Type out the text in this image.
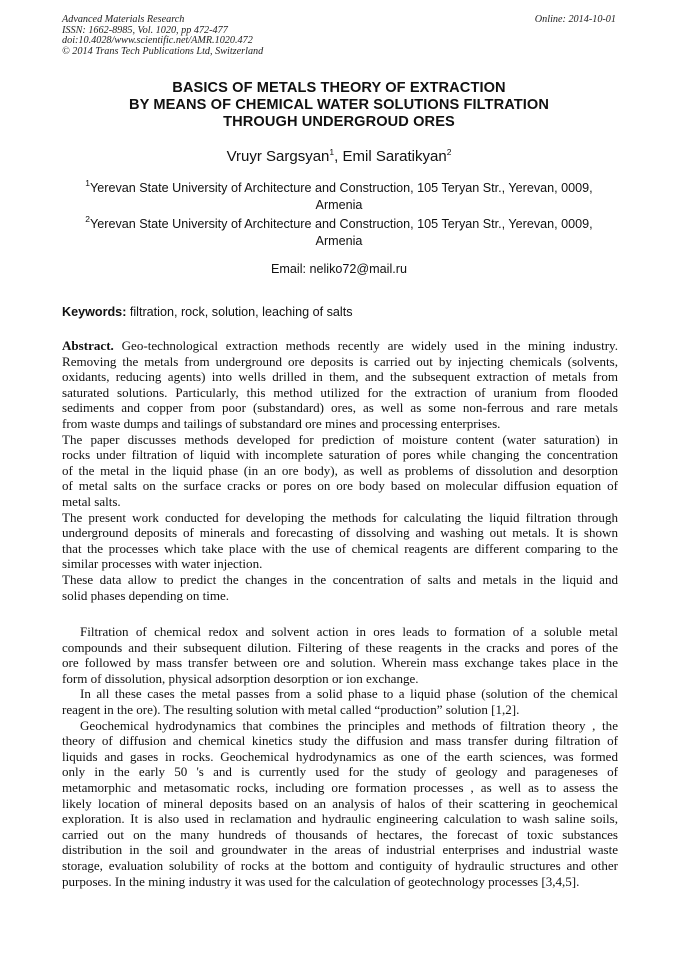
Advanced Materials Research
ISSN: 1662-8985, Vol. 1020, pp 472-477
doi:10.4028/www.scientific.net/AMR.1020.472
© 2014 Trans Tech Publications Ltd, Switzerland
Online: 2014-10-01
BASICS OF METALS THEORY OF EXTRACTION
BY MEANS OF CHEMICAL WATER SOLUTIONS FILTRATION
THROUGH UNDERGROUD ORES
Vruyr Sargsyan$^1$, Emil Saratikyan$^2$
$^1$Yerevan State University of Architecture and Construction, 105 Teryan Str., Yerevan, 0009,
Armenia
$^2$Yerevan State University of Architecture and Construction, 105 Teryan Str., Yerevan, 0009,
Armenia
Email: neliko72@mail.ru
Keywords: filtration, rock, solution, leaching of salts
Abstract. Geo-technological extraction methods recently are widely used in the mining industry.
Removing the metals from underground ore deposits is carried out by injecting chemicals (solvents,
oxidants, reducing agents) into wells drilled in them, and the subsequent extraction of metals from
saturated solutions. Particularly, this method utilized for the extraction of uranium from flooded
sediments and copper from poor (substandard) ores, as well as some non-ferrous and rare metals
from waste dumps and tailings of substandard ore mines and processing enterprises.
The paper discusses methods developed for prediction of moisture content (water saturation) in
rocks under filtration of liquid with incomplete saturation of pores while changing the concentration
of the metal in the liquid phase (in an ore body), as well as problems of dissolution and desorption
of metal salts on the surface cracks or pores on ore body based on molecular diffusion equation of
metal salts.
The present work conducted for developing the methods for calculating the liquid filtration through
underground deposits of minerals and forecasting of dissolving and washing out metals. It is shown
that the processes which take place with the use of chemical reagents are different comparing to the
similar processes with water injection.
These data allow to predict the changes in the concentration of salts and metals in the liquid and
solid phases depending on time.
Filtration of chemical redox and solvent action in ores leads to formation of a soluble metal
compounds and their subsequent dilution. Filtering of these reagents in the cracks and pores of the
ore followed by mass transfer between ore and solution. Wherein mass exchange takes place in the
form of dissolution, physical adsorption desorption or ion exchange.
In all these cases the metal passes from a solid phase to a liquid phase (solution of the chemical
reagent in the ore). The resulting solution with metal called “production” solution [1,2].
Geochemical hydrodynamics that combines the principles and methods of filtration theory , the
theory of diffusion and chemical kinetics study the diffusion and mass transfer during filtration of
liquids and gases in rocks. Geochemical hydrodynamics as one of the earth sciences, was formed
only in the early 50 's and is currently used for the study of geology and parageneses of
metamorphic and metasomatic rocks, including ore formation processes , as well as to assess the
likely location of mineral deposits based on an analysis of halos of their scattering in geochemical
exploration. It is also used in reclamation and hydraulic engineering calculation to wash saline soils,
carried out on the many hundreds of thousands of hectares, the forecast of toxic substances
distribution in the soil and groundwater in the areas of industrial enterprises and industrial waste
storage, evaluation solubility of rocks at the bottom and contiguity of hydraulic structures and other
purposes. In the mining industry it was used for the calculation of geotechnology processes [3,4,5].
